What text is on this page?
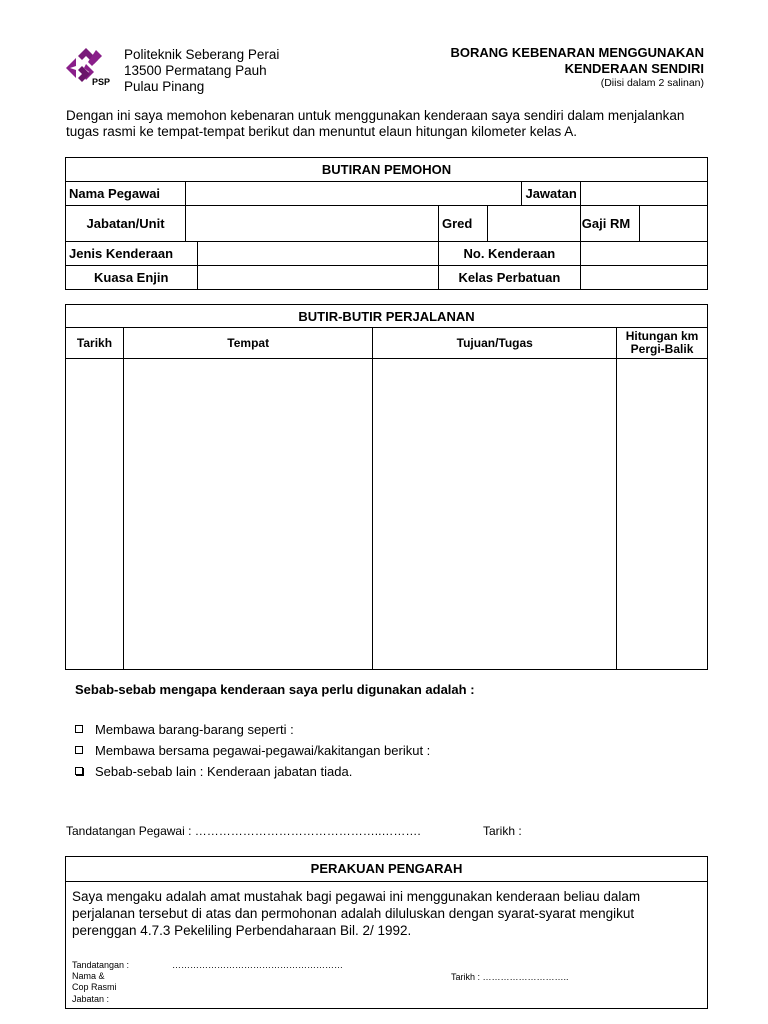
PSP
Politeknik Seberang Perai
13500 Permatang Pauh
Pulau Pinang
BORANG KEBENARAN MENGGUNAKAN
KENDERAAN SENDIRI
(Diisi dalam 2 salinan)
Dengan ini saya memohon kebenaran untuk menggunakan kenderaan saya sendiri dalam menjalankan tugas rasmi ke tempat-tempat berikut dan menuntut elaun hitungan kilometer kelas A.
BUTIRAN PEMOHON							
Nama Pegawai					Jawatan		
Jabatan/Unit			Gred			Gaji RM	
Jenis Kenderaan			No. Kenderaan				
Kuasa Enjin			Kelas Perbatuan				
BUTIR-BUTIR PERJALANAN			
Tarikh	Tempat	Tujuan/Tugas	Hitungan km
Pergi-Balik

Sebab-sebab mengapa kenderaan saya perlu digunakan adalah :
Membawa barang-barang seperti :
Membawa bersama pegawai-pegawai/kakitangan berikut :
Sebab-sebab lain : Kenderaan jabatan tiada.
Tandatangan Pegawai : ………………………………………..……….	Tarikh :
PERAKUAN PENGARAH
Saya mengaku adalah amat mustahak bagi pegawai ini menggunakan kenderaan beliau dalam perjalanan tersebut di atas dan permohonan adalah diluluskan dengan syarat-syarat mengikut perenggan 4.7.3 Pekeliling Perbendaharaan Bil. 2/ 1992.
Tandatangan :	…………………………………………………
Nama &
Cop Rasmi
Jabatan :
Tarikh : ………………………..
